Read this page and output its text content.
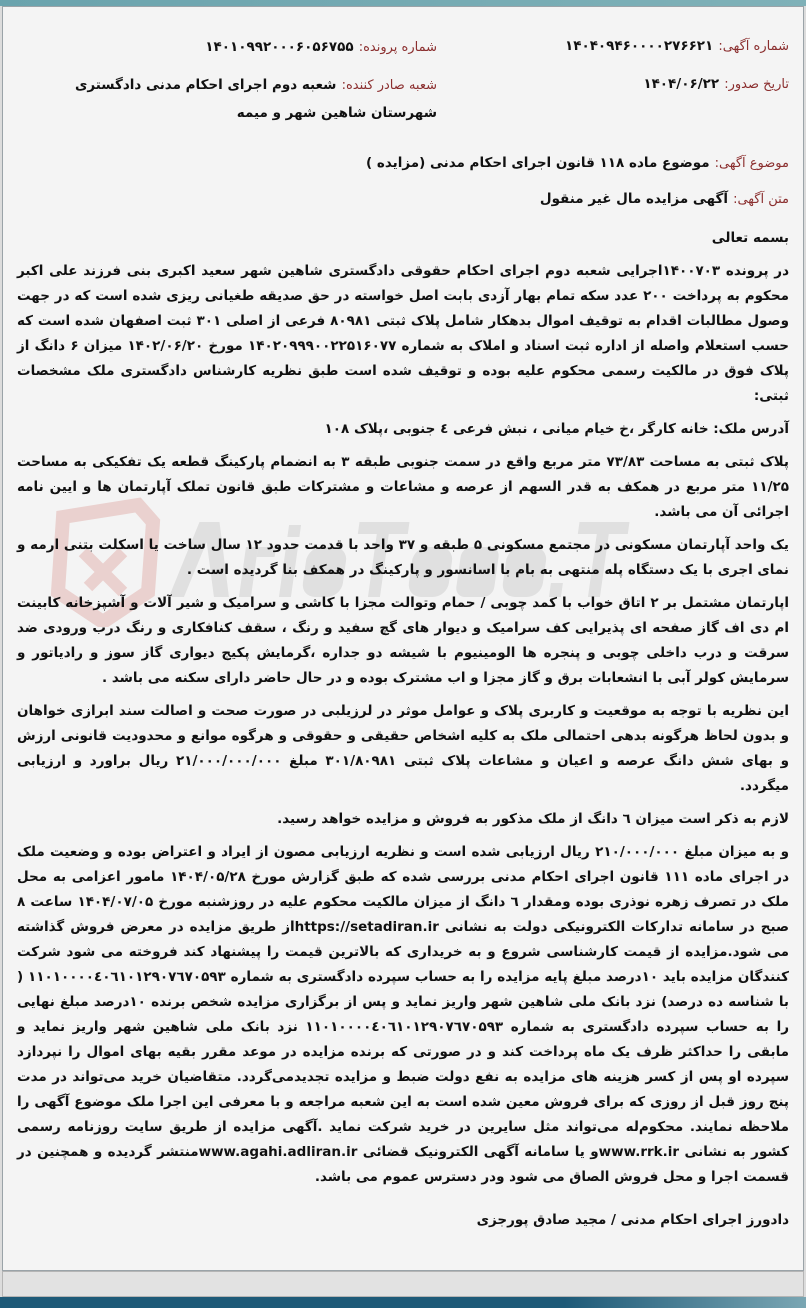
شماره آگهی: ۱۴۰۴۰۹۴۶۰۰۰۰۲۷۶۶۲۱
شماره پرونده: ۱۴۰۱۰۹۹۲۰۰۰۶۰۵۶۷۵۵
تاریخ صدور: ۱۴۰۴/۰۶/۲۲
شعبه صادر کننده: شعبه دوم اجرای احکام مدنی دادگستری شهرستان شاهین شهر و میمه
موضوع آگهی: موضوع ماده ۱۱۸ قانون اجرای احکام مدنی (مزایده )
متن آگهی: آگهی مزایده مال غیر منقول

بسمه تعالی

در پرونده ۱۴۰۰۷۰۳اجرایی شعبه دوم اجرای احکام حقوقی دادگستری شاهین شهر سعید اکبری بنی فرزند علی اکبر محکوم به پرداخت ۲۰۰ عدد سکه تمام بهار آزدی بابت اصل خواسته در حق صدیقه طغیانی ریزی شده است که در جهت وصول مطالبات اقدام به توقیف اموال بدهکار شامل پلاک ثبتی ۸۰۹۸۱ فرعی از اصلی ۳۰۱ ثبت اصفهان شده است که حسب استعلام واصله از اداره ثبت اسناد و املاک به شماره ۱۴۰۲۰۹۹۹۰۰۲۲۵۱۶۰۷۷ مورخ ۱۴۰۲/۰۶/۲۰ میزان ۶ دانگ از پلاک فوق در مالکیت رسمی محکوم علیه بوده و توقیف شده است طبق نظریه کارشناس دادگستری ملک مشخصات ثبتی:

آدرس ملک: خانه کارگر ،خ خیام میانی ، نبش فرعی ٤ جنوبی ،پلاک ۱۰۸

پلاک ثبتی به مساحت ۷۳/۸۳ متر مربع واقع در سمت جنوبی طبقه ۳ به انضمام پارکینگ قطعه یک تفکیکی به مساحت ۱۱/۲۵ متر مربع در همکف به قدر السهم از عرصه و مشاعات و مشترکات طبق قانون تملک آپارتمان ها و ایین نامه اجرائی آن می باشد.

یک واحد آپارتمان مسکونی در مجتمع مسکونی ۵ طبقه و ۳۷ واحد با قدمت حدود ۱۲ سال ساخت یا اسکلت بتنی ارمه و نمای اجری با یک دستگاه پله منتهی به بام با اسانسور و پارکینگ در همکف بنا گردیده است .

اپارتمان مشتمل بر ۲ اتاق خواب با کمد چوبی / حمام وتوالت مجزا با کاشی و سرامیک و شیر آلات و آشپزخانه کابینت ام دی اف گاز صفحه ای پذیرایی کف سرامیک و دیوار های گچ سفید و رنگ ، سقف کنافکاری و رنگ درب ورودی ضد سرقت و درب داخلی چوبی و پنجره ها الومینیوم با شیشه دو جداره ،گرمایش پکیج دیواری گاز سوز و رادیاتور و سرمایش کولر آبی با انشعابات برق و گاز مجزا و اب مشترک بوده و در حال حاضر دارای سکنه می باشد .

این نظریه با توجه به موقعیت و کاربری پلاک و عوامل موثر در لرزیلبی در صورت صحت و اصالت سند ابرازی خواهان و بدون لحاظ هرگونه بدهی احتمالی ملک به کلیه اشخاص حقیقی و حقوقی و هرگوه موانع و محدودیت قانونی ارزش و بهای شش دانگ عرصه و اعیان و مشاعات پلاک ثبتی ۳۰۱/۸۰۹۸۱ مبلغ ۲۱/۰۰۰/۰۰۰/۰۰۰ ریال براورد و ارزیابی میگردد.

لازم به ذکر است میزان ٦ دانگ از ملک مذکور به فروش و مزایده خواهد رسید.

و به میزان مبلغ ۲۱۰/۰۰۰/۰۰۰ ریال ارزیابی شده است و نظریه ارزیابی مصون از ایراد و اعتراض بوده و وضعیت ملک در اجرای ماده ۱۱۱ قانون اجرای احکام مدنی بررسی شده که طبق گزارش مورخ ۱۴۰۴/۰۵/۲۸ مامور اعزامی به محل ملک در تصرف زهره نوذری بوده ومقدار ٦ دانگ از میزان مالکیت محکوم علیه در روزشنبه مورخ ۱۴۰۴/۰۷/۰۵ ساعت ۸ صبح در سامانه تدارکات الکترونیکی دولت به نشانی https://setadiran.irاز طریق مزایده در معرض فروش گذاشته می شود.مزایده از قیمت کارشناسی شروع و به خریداری که بالاترین قیمت را پیشنهاد کند فروخته می شود شرکت کنندگان مزایده باید ۱۰درصد مبلغ پایه مزایده را به حساب سپرده دادگستری به شماره ۱۱۰۱۰۰۰۰٤۰٦۱۰۱۲۹۰۷٦۷۰۵۹۳ ( با شناسه ده درصد) نزد بانک ملی شاهین شهر واریز نماید و پس از برگزاری مزایده شخص برنده ۱۰درصد مبلغ نهایی را به حساب سپرده دادگستری به شماره ۱۱۰۱۰۰۰۰٤۰٦۱۰۱۲۹۰۷٦۷۰۵۹۳ نزد بانک ملی شاهین شهر واریز نماید و مابقی را حداکثر ظرف یک ماه پرداخت کند و در صورتی که برنده مزایده در موعد مقرر بقیه بهای اموال را نپردازد سپرده او پس از کسر هزینه های مزایده به نفع دولت ضبط و مزایده تجدیدمی‌گردد. متقاضیان خرید می‌تواند در مدت پنج روز قبل از روزی که برای فروش معین شده است به این شعبه مراجعه و با معرفی این اجرا ملک موضوع آگهی را ملاحظه نمایند. محکوم‌له می‌تواند مثل سایرین در خرید شرکت نماید .آگهی مزایده از طریق سایت روزنامه رسمی کشور به نشانی www.rrk.irو یا سامانه آگهی الکترونیک قضائی www.agahi.adliran.irمنتشر گردیده و همچنین در قسمت اجرا و محل فروش الصاق می شود ودر دسترس عموم می باشد.

دادورز اجرای احکام مدنی / مجید صادق پورجزی
